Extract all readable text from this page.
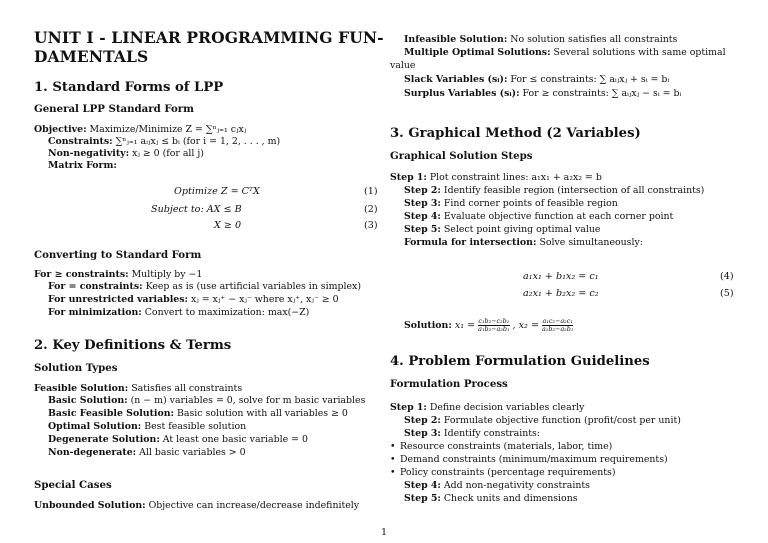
UNIT I - LINEAR PROGRAMMING FUN-
DAMENTALS
1. Standard Forms of LPP
General LPP Standard Form
Objective: Maximize/Minimize Z = ∑ⁿⱼ₌₁ cⱼxⱼ
Constraints: ∑ⁿⱼ₌₁ aᵢⱼxⱼ ≤ bᵢ (for i = 1, 2, . . . , m)
Non-negativity: xⱼ ≥ 0 (for all j)
Matrix Form:
Optimize Z = CᵀX
Subject to: AX ≤ B
X ≥ 0
(1)
(2)
(3)
Converting to Standard Form
For ≥ constraints: Multiply by −1
For = constraints: Keep as is (use artificial variables in simplex)
For unrestricted variables: xⱼ = xⱼ⁺ − xⱼ⁻ where xⱼ⁺, xⱼ⁻ ≥ 0
For minimization: Convert to maximization: max(−Z)
2. Key Definitions & Terms
Solution Types
Feasible Solution: Satisfies all constraints
Basic Solution: (n − m) variables = 0, solve for m basic variables
Basic Feasible Solution: Basic solution with all variables ≥ 0
Optimal Solution: Best feasible solution
Degenerate Solution: At least one basic variable = 0
Non-degenerate: All basic variables > 0
Special Cases
Unbounded Solution: Objective can increase/decrease indefinitely
Infeasible Solution: No solution satisfies all constraints
Multiple Optimal Solutions: Several solutions with same optimal
value
Slack Variables (sᵢ): For ≤ constraints: ∑ aᵢⱼxⱼ + sᵢ = bᵢ
Surplus Variables (sᵢ): For ≥ constraints: ∑ aᵢⱼxⱼ − sᵢ = bᵢ
3. Graphical Method (2 Variables)
Graphical Solution Steps
Step 1: Plot constraint lines: a₁x₁ + a₂x₂ = b
Step 2: Identify feasible region (intersection of all constraints)
Step 3: Find corner points of feasible region
Step 4: Evaluate objective function at each corner point
Step 5: Select point giving optimal value
Formula for intersection: Solve simultaneously:
a₁x₁ + b₁x₂ = c₁
a₂x₁ + b₂x₂ = c₂
(4)
(5)
Solution: $x_1 = \frac{\text{c₁b₂−c₂b₁}}{\text{a₁b₂−a₂b₁}}$ , $x_2 = \frac{\text{a₁c₂−a₂c₁}}{\text{a₁b₂−a₂b₁}}$
4. Problem Formulation Guidelines
Formulation Process
Step 1: Define decision variables clearly
Step 2: Formulate objective function (profit/cost per unit)
Step 3: Identify constraints:
• Resource constraints (materials, labor, time)
• Demand constraints (minimum/maximum requirements)
• Policy constraints (percentage requirements)
Step 4: Add non-negativity constraints
Step 5: Check units and dimensions
1
